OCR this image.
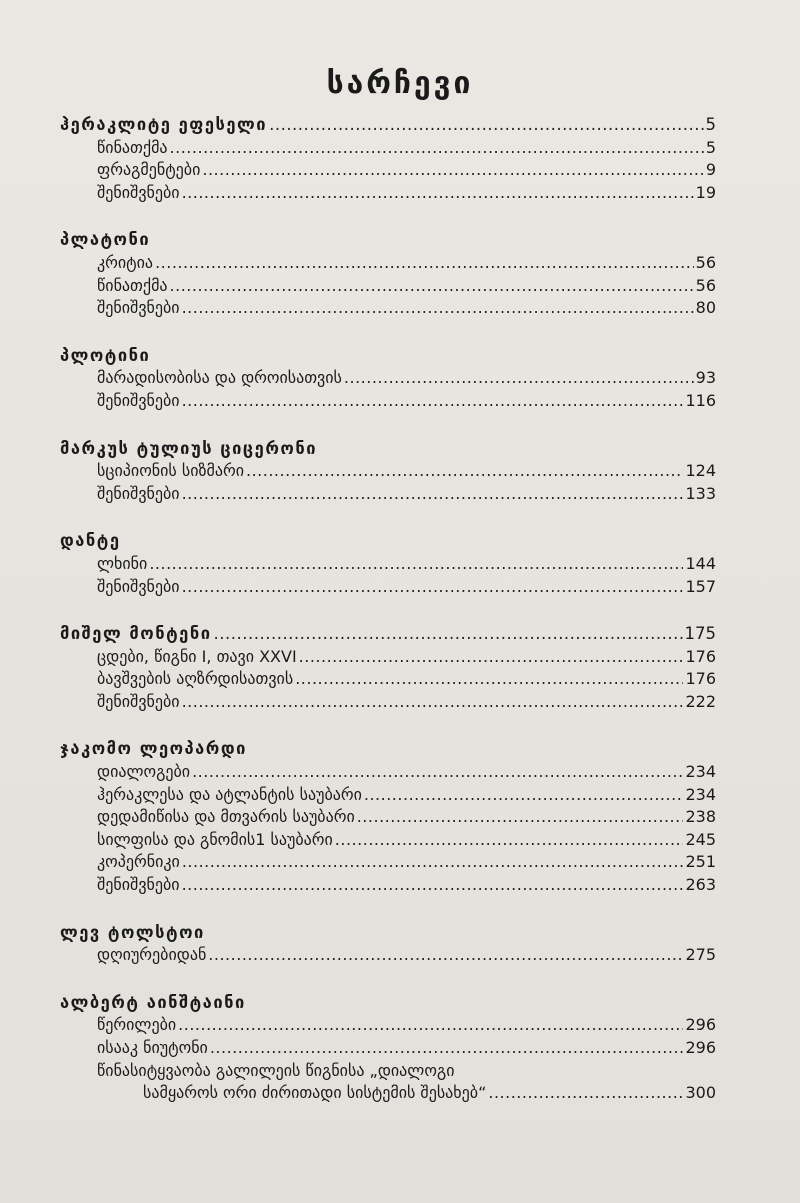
სარჩევი
ჰერაკლიტე ეფესელი .....	5
წინათქმა .....	5
ფრაგმენტები .....	9
შენიშვნები .....	19
პლატონი
კრიტია .....	56
წინათქმა .....	56
შენიშვნები .....	80
პლოტინი
მარადისობისა და დროისათვის .....	93
შენიშვნები .....	116
მარკუს ტულიუს ციცერონი
სციპიონის სიზმარი .....	124
შენიშვნები .....	133
დანტე
ლხინი .....	144
შენიშვნები .....	157
მიშელ მონტენი .....	175
ცდები, წიგნი I, თავი XXVI .....	176
ბავშვების აღზრდისათვის .....	176
შენიშვნები .....	222
ჯაკომო ლეოპარდი
დიალოგები .....	234
ჰერაკლესა და ატლანტის საუბარი .....	234
დედამიწისა და მთვარის საუბარი .....	238
სილფისა და გნომის1 საუბარი .....	245
კოპერნიკი .....	251
შენიშვნები .....	263
ლევ ტოლსტოი
დღიურებიდან .....	275
ალბერტ აინშტაინი
წერილები .....	296
ისააკ ნიუტონი .....	296
წინასიტყვაობა გალილეის წიგნისა „დიალოგი
სამყაროს ორი ძირითადი სისტემის შესახებ“ .....	300
